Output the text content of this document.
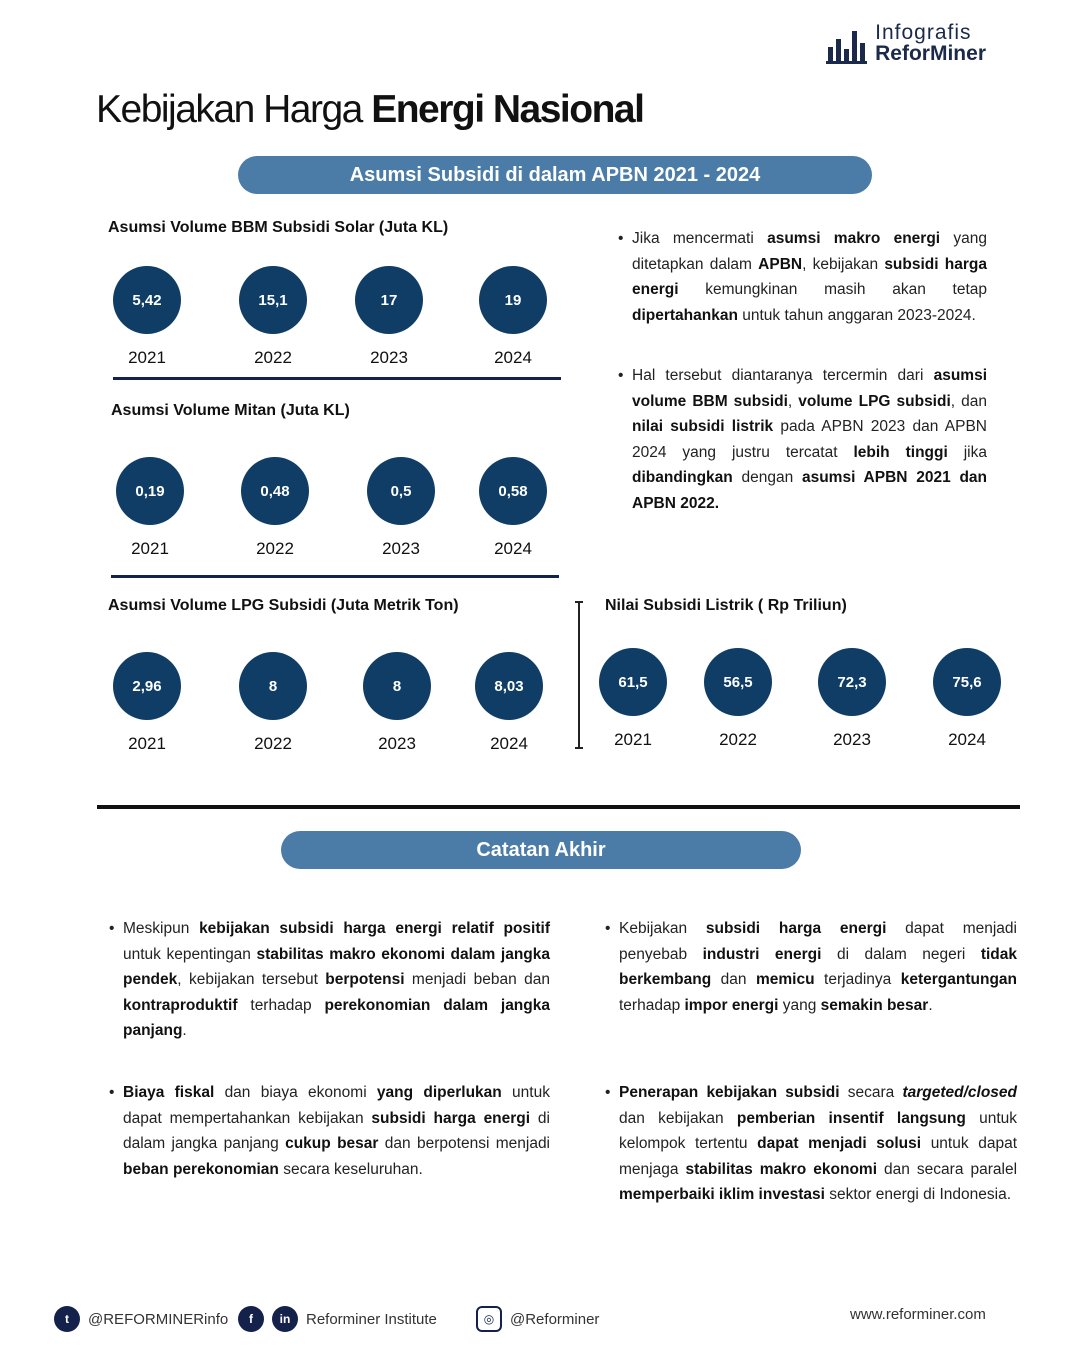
Infografis
ReforMiner
Kebijakan Harga Energi Nasional
Asumsi Subsidi di dalam APBN 2021 - 2024
Asumsi Volume BBM Subsidi Solar (Juta KL)
5,42
2021
15,1
2022
17
2023
19
2024
Asumsi Volume Mitan (Juta KL)
0,19
2021
0,48
2022
0,5
2023
0,58
2024
Asumsi Volume LPG Subsidi (Juta Metrik Ton)
2,96
2021
8
2022
8
2023
8,03
2024
Nilai Subsidi Listrik ( Rp Triliun)
61,5
2021
56,5
2022
72,3
2023
75,6
2024
• Jika mencermati asumsi makro energi yang ditetapkan dalam APBN, kebijakan subsidi harga energi kemungkinan masih akan tetap dipertahankan untuk tahun anggaran 2023-2024.
• Hal tersebut diantaranya tercermin dari asumsi volume BBM subsidi, volume LPG subsidi, dan nilai subsidi listrik pada APBN 2023 dan APBN 2024 yang justru tercatat lebih tinggi jika dibandingkan dengan asumsi APBN 2021 dan APBN 2022.
Catatan Akhir
• Meskipun kebijakan subsidi harga energi relatif positif untuk kepentingan stabilitas makro ekonomi dalam jangka pendek, kebijakan tersebut berpotensi menjadi beban dan kontraproduktif terhadap perekonomian dalam jangka panjang.
• Kebijakan subsidi harga energi dapat menjadi penyebab industri energi di dalam negeri tidak berkembang dan memicu terjadinya ketergantungan terhadap impor energi yang semakin besar.
• Biaya fiskal dan biaya ekonomi yang diperlukan untuk dapat mempertahankan kebijakan subsidi harga energi di dalam jangka panjang cukup besar dan berpotensi menjadi beban perekonomian secara keseluruhan.
• Penerapan kebijakan subsidi secara targeted/closed dan kebijakan pemberian insentif langsung untuk kelompok tertentu dapat menjadi solusi untuk dapat menjaga stabilitas makro ekonomi dan secara paralel memperbaiki iklim investasi sektor energi di Indonesia.
t	@REFORMINERinfo	f	in	Reforminer Institute	◎	@Reforminer	www.reforminer.com
